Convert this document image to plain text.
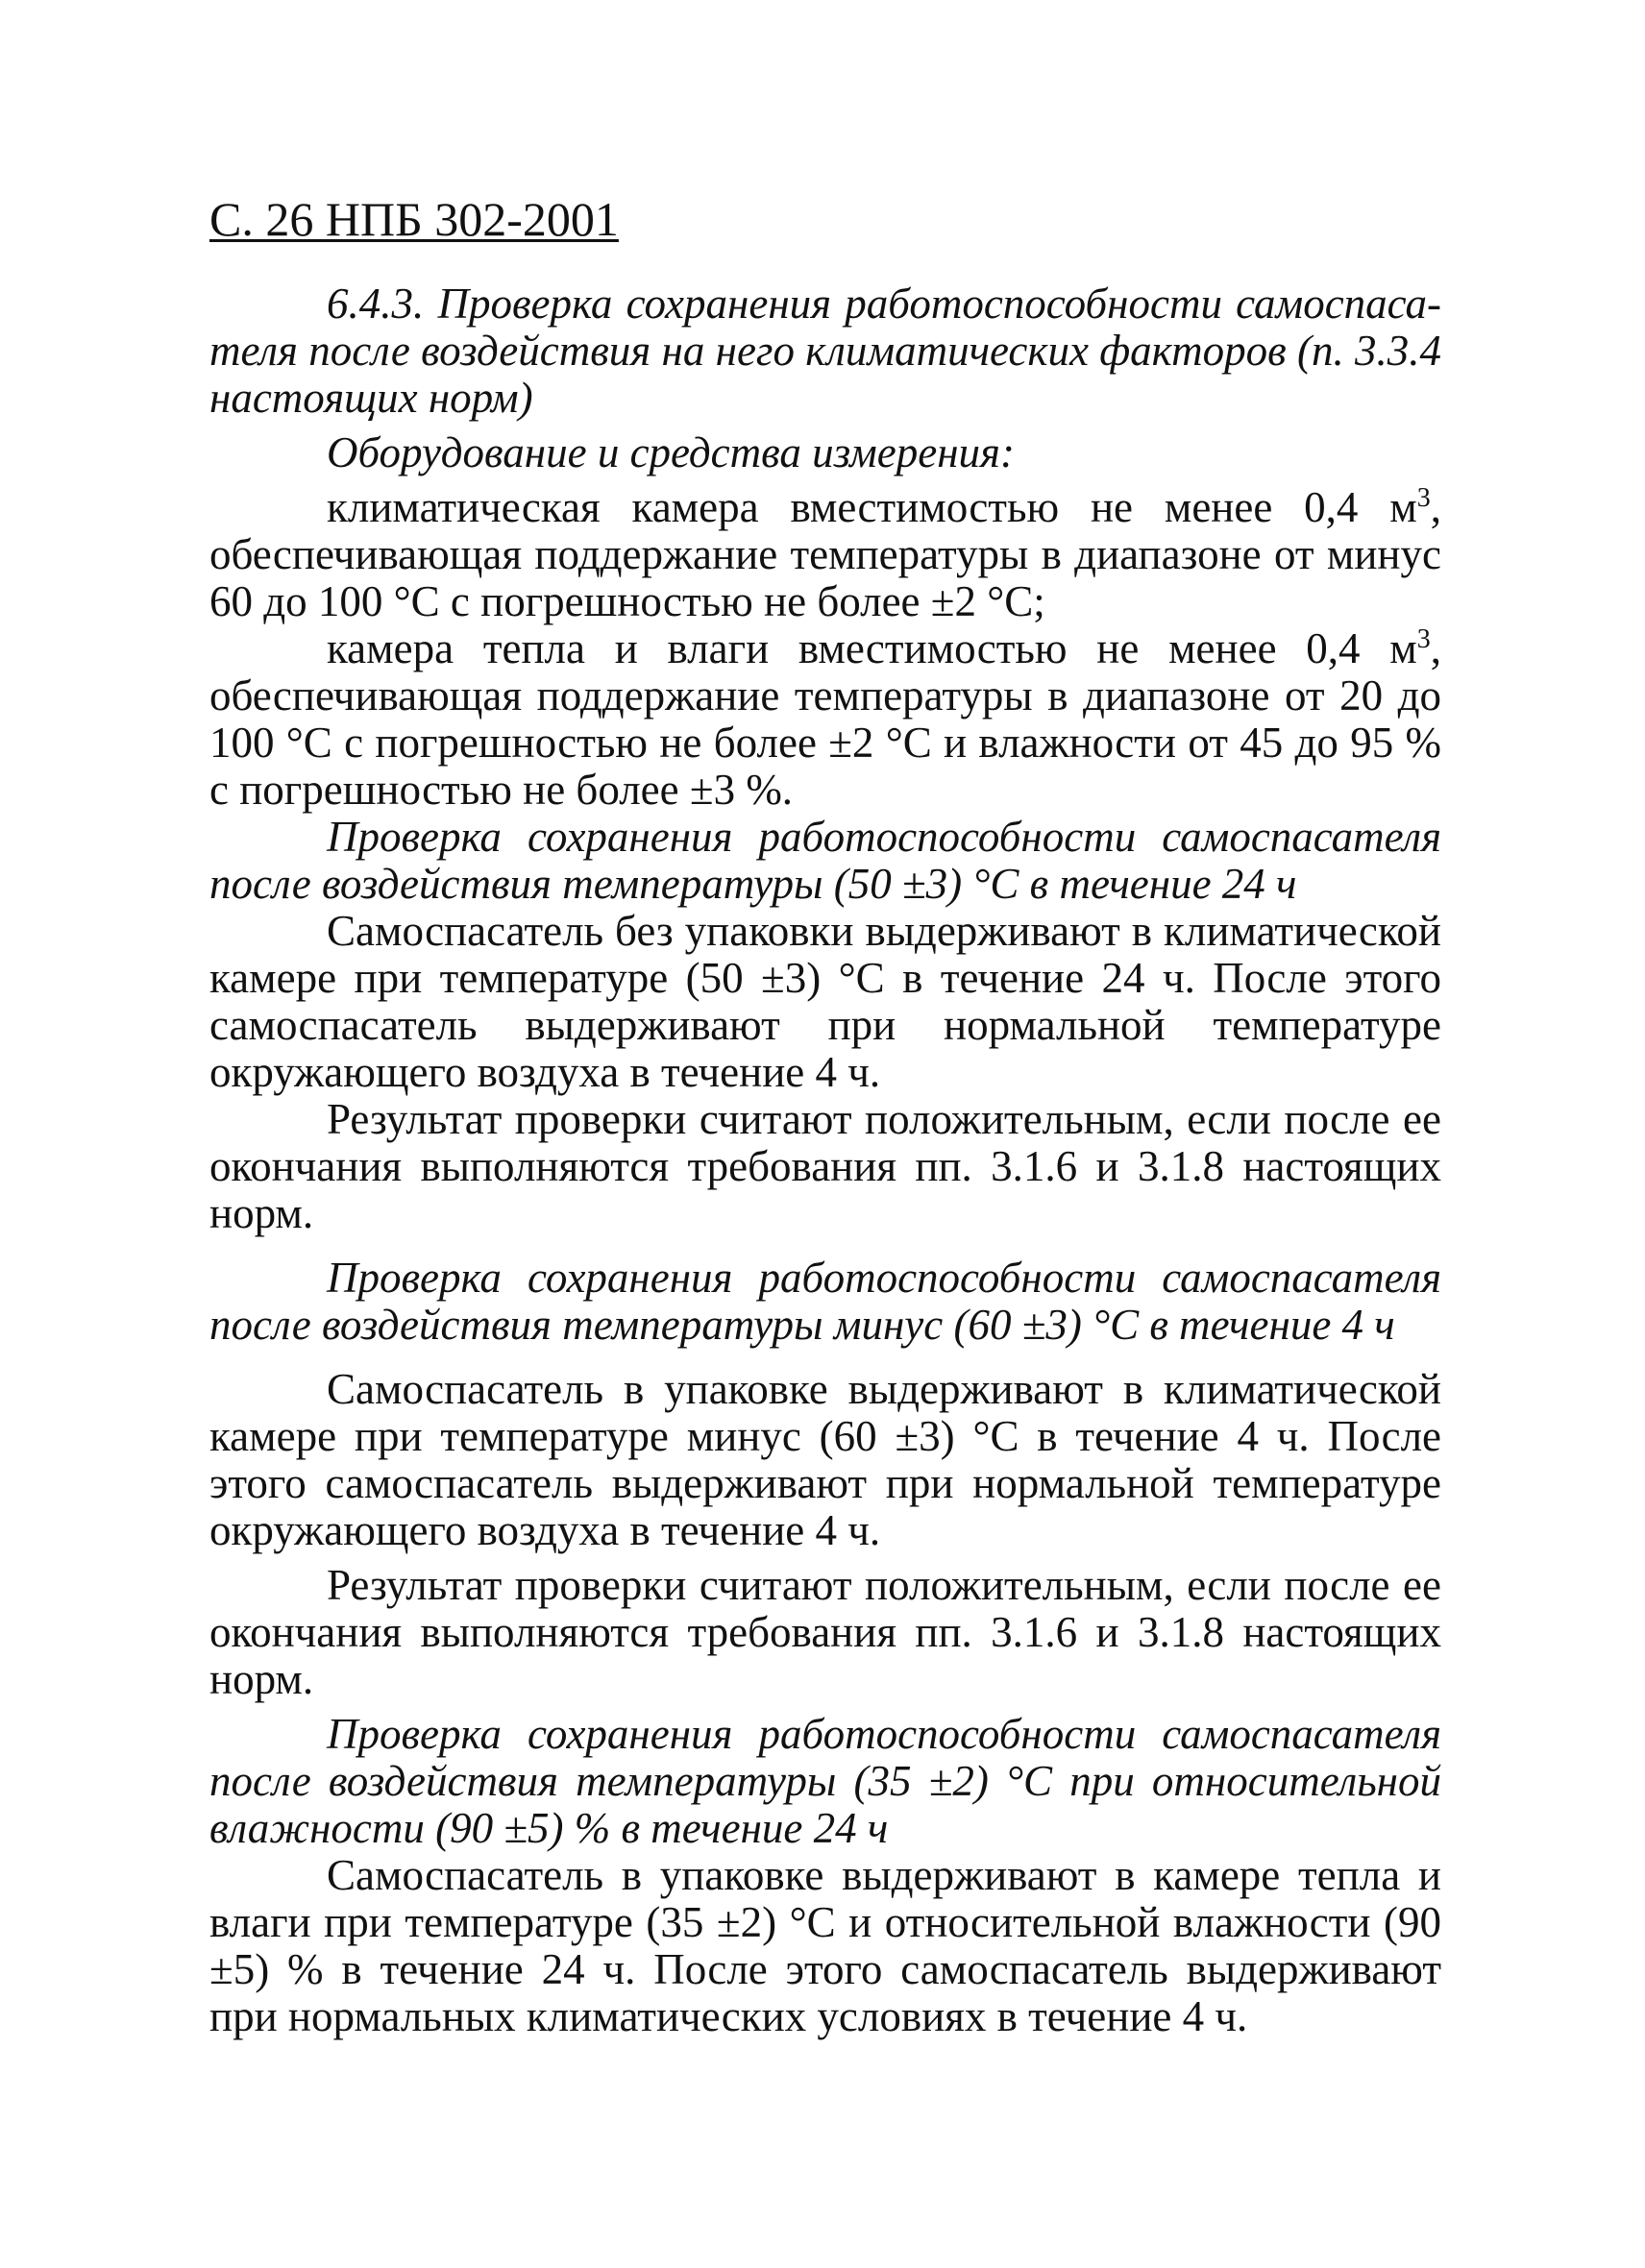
С. 26 НПБ 302-2001

6.4.3. Проверка сохранения работоспособности самоспасателя после воздействия на него климатических факторов (п. 3.3.4 настоящих норм)

Оборудование и средства измерения:

климатическая камера вместимостью не менее 0,4 $м^3$, обеспечивающая поддержание температуры в диапазоне от минус 60 до 100 °С с погрешностью не более ±2 °С;

камера тепла и влаги вместимостью не менее 0,4 $м^3$, обеспечивающая поддержание температуры в диапазоне от 20 до 100 °С с погрешностью не более ±2 °С и влажности от 45 до 95 % с погрешностью не более ±3 %.

Проверка сохранения работоспособности самоспасателя после воздействия температуры (50 ±3) °С в течение 24 ч

Самоспасатель без упаковки выдерживают в климатической камере при температуре (50 ±3) °С в течение 24 ч. После этого самоспасатель выдерживают при нормальной температуре окружающего воздуха в течение 4 ч.

Результат проверки считают положительным, если после ее окончания выполняются требования пп. 3.1.6 и 3.1.8 настоящих норм.

Проверка сохранения работоспособности самоспасателя после воздействия температуры минус (60 ±3) °С в течение 4 ч

Самоспасатель в упаковке выдерживают в климатической камере при температуре минус (60 ±3) °С в течение 4 ч. После этого самоспасатель выдерживают при нормальной температуре окружающего воздуха в течение 4 ч.

Результат проверки считают положительным, если после ее окончания выполняются требования пп. 3.1.6 и 3.1.8 настоящих норм.

Проверка сохранения работоспособности самоспасателя после воздействия температуры (35 ±2) °С при относительной влажности (90 ±5) % в течение 24 ч

Самоспасатель в упаковке выдерживают в камере тепла и влаги при температуре (35 ±2) °С и относительной влажности (90 ±5) % в течение 24 ч. После этого самоспасатель выдерживают при нормальных климатических условиях в течение 4 ч.
